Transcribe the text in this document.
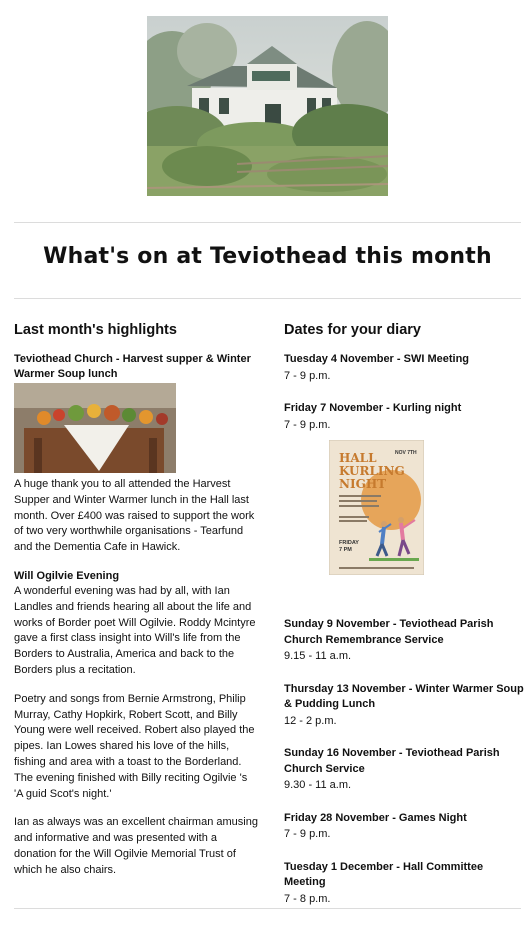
What's on at Teviothead this month
Last month's highlights

Teviothead Church - Harvest supper & Winter Warmer Soup lunch

A huge thank you to all attended the Harvest Supper and Winter Warmer lunch in the Hall last month. Over £400 was raised to support the work of two very worthwhile organisations - Tearfund and the Dementia Cafe in Hawick.

Will Ogilvie Evening

A wonderful evening was had by all, with Ian Landles and friends hearing all about the life and works of Border poet Will Ogilvie. Roddy Mcintyre gave a first class insight into Will's life from the Borders to Australia, America and back to the Borders plus a recitation.

Poetry and songs from Bernie Armstrong, Philip Murray, Cathy Hopkirk, Robert Scott, and Billy Young were well received. Robert also played the pipes. Ian Lowes shared his love of the hills, fishing and area with a toast to the Borderland. The evening finished with Billy reciting Ogilvie 's 'A guid Scot's night.'

Ian as always was an excellent chairman amusing and informative and was presented with a donation for the Will Ogilvie Memorial Trust of which he also chairs.

Dates for your diary
Tuesday 4 November - SWI Meeting
7 - 9 p.m.
Friday 7 November - Kurling night
7 - 9 p.m.
Sunday 9 November - Teviothead Parish Church Remembrance Service
9.15 - 11 a.m.
Thursday 13 November - Winter Warmer Soup & Pudding Lunch
12 - 2 p.m.
Sunday 16 November - Teviothead Parish Church Service
9.30 - 11 a.m.
Friday 28 November - Games Night
7 - 9 p.m.
Tuesday 1 December - Hall Committee Meeting
7 - 8 p.m.
HALL
KURLING
NIGHT
NOV 7TH
FRIDAY
7 PM
